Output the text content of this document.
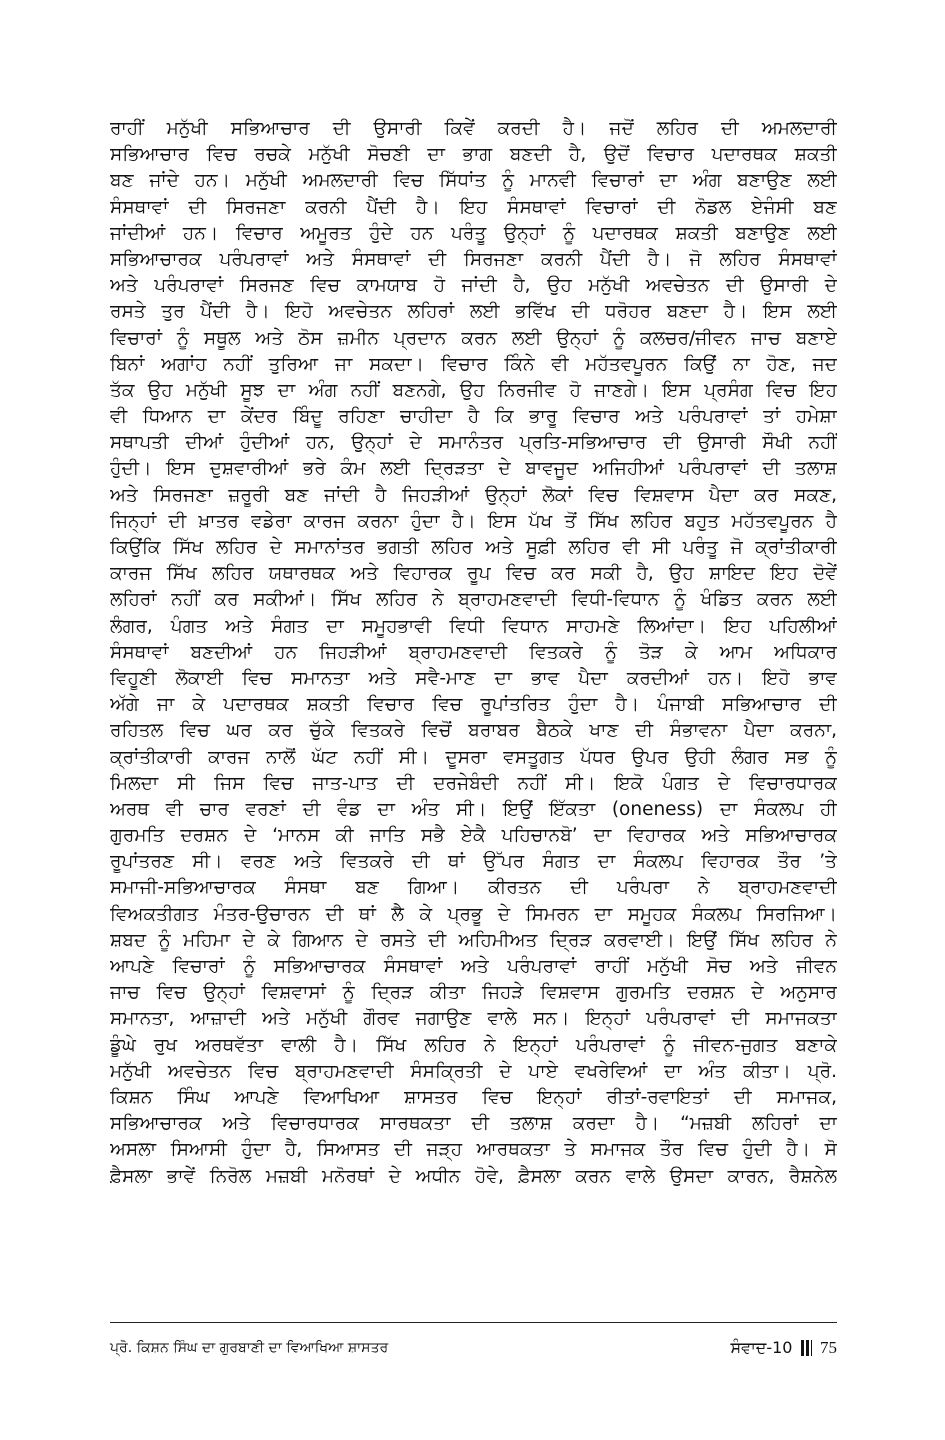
ਰਾਹੀਂ ਮਨੁੱਖੀ ਸਭਿਆਚਾਰ ਦੀ ਉਸਾਰੀ ਕਿਵੇਂ ਕਰਦੀ ਹੈ। ਜਦੋਂ ਲਹਿਰ ਦੀ ਅਮਲਦਾਰੀ
ਸਭਿਆਚਾਰ ਵਿਚ ਰਚਕੇ ਮਨੁੱਖੀ ਸੋਚਣੀ ਦਾ ਭਾਗ ਬਣਦੀ ਹੈ, ਉਦੋਂ ਵਿਚਾਰ ਪਦਾਰਥਕ ਸ਼ਕਤੀ
ਬਣ ਜਾਂਦੇ ਹਨ। ਮਨੁੱਖੀ ਅਮਲਦਾਰੀ ਵਿਚ ਸਿੱਧਾਂਤ ਨੂੰ ਮਾਨਵੀ ਵਿਚਾਰਾਂ ਦਾ ਅੰਗ ਬਣਾਉਣ ਲਈ
ਸੰਸਥਾਵਾਂ ਦੀ ਸਿਰਜਣਾ ਕਰਨੀ ਪੈਂਦੀ ਹੈ। ਇਹ ਸੰਸਥਾਵਾਂ ਵਿਚਾਰਾਂ ਦੀ ਨੋਡਲ ਏਜੰਸੀ ਬਣ
ਜਾਂਦੀਆਂ ਹਨ। ਵਿਚਾਰ ਅਮੂਰਤ ਹੁੰਦੇ ਹਨ ਪਰੰਤੂ ਉਨ੍ਹਾਂ ਨੂੰ ਪਦਾਰਥਕ ਸ਼ਕਤੀ ਬਣਾਉਣ ਲਈ
ਸਭਿਆਚਾਰਕ ਪਰੰਪਰਾਵਾਂ ਅਤੇ ਸੰਸਥਾਵਾਂ ਦੀ ਸਿਰਜਣਾ ਕਰਨੀ ਪੈਂਦੀ ਹੈ। ਜੋ ਲਹਿਰ ਸੰਸਥਾਵਾਂ
ਅਤੇ ਪਰੰਪਰਾਵਾਂ ਸਿਰਜਣ ਵਿਚ ਕਾਮਯਾਬ ਹੋ ਜਾਂਦੀ ਹੈ, ਉਹ ਮਨੁੱਖੀ ਅਵਚੇਤਨ ਦੀ ਉਸਾਰੀ ਦੇ
ਰਸਤੇ ਤੁਰ ਪੈਂਦੀ ਹੈ। ਇਹੋ ਅਵਚੇਤਨ ਲਹਿਰਾਂ ਲਈ ਭਵਿੱਖ ਦੀ ਧਰੋਹਰ ਬਣਦਾ ਹੈ। ਇਸ ਲਈ
ਵਿਚਾਰਾਂ ਨੂੰ ਸਥੂਲ ਅਤੇ ਠੋਸ ਜ਼ਮੀਨ ਪ੍ਰਦਾਨ ਕਰਨ ਲਈ ਉਨ੍ਹਾਂ ਨੂੰ ਕਲਚਰ/ਜੀਵਨ ਜਾਚ ਬਣਾਏ
ਬਿਨਾਂ ਅਗਾਂਹ ਨਹੀਂ ਤੁਰਿਆ ਜਾ ਸਕਦਾ। ਵਿਚਾਰ ਕਿੰਨੇ ਵੀ ਮਹੱਤਵਪੂਰਨ ਕਿਉਂ ਨਾ ਹੋਣ, ਜਦ
ਤੱਕ ਉਹ ਮਨੁੱਖੀ ਸੂਝ ਦਾ ਅੰਗ ਨਹੀਂ ਬਣਨਗੇ, ਉਹ ਨਿਰਜੀਵ ਹੋ ਜਾਣਗੇ। ਇਸ ਪ੍ਰਸੰਗ ਵਿਚ ਇਹ
ਵੀ ਧਿਆਨ ਦਾ ਕੇਂਦਰ ਬਿੰਦੂ ਰਹਿਣਾ ਚਾਹੀਦਾ ਹੈ ਕਿ ਭਾਰੂ ਵਿਚਾਰ ਅਤੇ ਪਰੰਪਰਾਵਾਂ ਤਾਂ ਹਮੇਸ਼ਾ
ਸਥਾਪਤੀ ਦੀਆਂ ਹੁੰਦੀਆਂ ਹਨ, ਉਨ੍ਹਾਂ ਦੇ ਸਮਾਨੰਤਰ ਪ੍ਰਤਿ-ਸਭਿਆਚਾਰ ਦੀ ਉਸਾਰੀ ਸੌਖੀ ਨਹੀਂ
ਹੁੰਦੀ। ਇਸ ਦੁਸ਼ਵਾਰੀਆਂ ਭਰੇ ਕੰਮ ਲਈ ਦ੍ਰਿੜਤਾ ਦੇ ਬਾਵਜੂਦ ਅਜਿਹੀਆਂ ਪਰੰਪਰਾਵਾਂ ਦੀ ਤਲਾਸ਼
ਅਤੇ ਸਿਰਜਣਾ ਜ਼ਰੂਰੀ ਬਣ ਜਾਂਦੀ ਹੈ ਜਿਹੜੀਆਂ ਉਨ੍ਹਾਂ ਲੋਕਾਂ ਵਿਚ ਵਿਸ਼ਵਾਸ ਪੈਦਾ ਕਰ ਸਕਣ,
ਜਿਨ੍ਹਾਂ ਦੀ ਖ਼ਾਤਰ ਵਡੇਰਾ ਕਾਰਜ ਕਰਨਾ ਹੁੰਦਾ ਹੈ। ਇਸ ਪੱਖ ਤੋਂ ਸਿੱਖ ਲਹਿਰ ਬਹੁਤ ਮਹੱਤਵਪੂਰਨ ਹੈ
ਕਿਉਂਕਿ ਸਿੱਖ ਲਹਿਰ ਦੇ ਸਮਾਨਾਂਤਰ ਭਗਤੀ ਲਹਿਰ ਅਤੇ ਸੂਫ਼ੀ ਲਹਿਰ ਵੀ ਸੀ ਪਰੰਤੂ ਜੋ ਕ੍ਰਾਂਤੀਕਾਰੀ
ਕਾਰਜ ਸਿੱਖ ਲਹਿਰ ਯਥਾਰਥਕ ਅਤੇ ਵਿਹਾਰਕ ਰੂਪ ਵਿਚ ਕਰ ਸਕੀ ਹੈ, ਉਹ ਸ਼ਾਇਦ ਇਹ ਦੋਵੇਂ
ਲਹਿਰਾਂ ਨਹੀਂ ਕਰ ਸਕੀਆਂ। ਸਿੱਖ ਲਹਿਰ ਨੇ ਬ੍ਰਾਹਮਣਵਾਦੀ ਵਿਧੀ-ਵਿਧਾਨ ਨੂੰ ਖੰਡਿਤ ਕਰਨ ਲਈ
ਲੰਗਰ, ਪੰਗਤ ਅਤੇ ਸੰਗਤ ਦਾ ਸਮੂਹਭਾਵੀ ਵਿਧੀ ਵਿਧਾਨ ਸਾਹਮਣੇ ਲਿਆਂਦਾ। ਇਹ ਪਹਿਲੀਆਂ
ਸੰਸਥਾਵਾਂ ਬਣਦੀਆਂ ਹਨ ਜਿਹੜੀਆਂ ਬ੍ਰਾਹਮਣਵਾਦੀ ਵਿਤਕਰੇ ਨੂੰ ਤੋੜ ਕੇ ਆਮ ਅਧਿਕਾਰ
ਵਿਹੂਣੀ ਲੋਕਾਈ ਵਿਚ ਸਮਾਨਤਾ ਅਤੇ ਸਵੈ-ਮਾਣ ਦਾ ਭਾਵ ਪੈਦਾ ਕਰਦੀਆਂ ਹਨ। ਇਹੋ ਭਾਵ
ਅੱਗੇ ਜਾ ਕੇ ਪਦਾਰਥਕ ਸ਼ਕਤੀ ਵਿਚਾਰ ਵਿਚ ਰੂਪਾਂਤਰਿਤ ਹੁੰਦਾ ਹੈ। ਪੰਜਾਬੀ ਸਭਿਆਚਾਰ ਦੀ
ਰਹਿਤਲ ਵਿਚ ਘਰ ਕਰ ਚੁੱਕੇ ਵਿਤਕਰੇ ਵਿਚੋਂ ਬਰਾਬਰ ਬੈਠਕੇ ਖਾਣ ਦੀ ਸੰਭਾਵਨਾ ਪੈਦਾ ਕਰਨਾ,
ਕ੍ਰਾਂਤੀਕਾਰੀ ਕਾਰਜ ਨਾਲੋਂ ਘੱਟ ਨਹੀਂ ਸੀ। ਦੂਸਰਾ ਵਸਤੂਗਤ ਪੱਧਰ ਉਪਰ ਉਹੀ ਲੰਗਰ ਸਭ ਨੂੰ
ਮਿਲਦਾ ਸੀ ਜਿਸ ਵਿਚ ਜਾਤ-ਪਾਤ ਦੀ ਦਰਜੇਬੰਦੀ ਨਹੀਂ ਸੀ। ਇਕੋ ਪੰਗਤ ਦੇ ਵਿਚਾਰਧਾਰਕ
ਅਰਥ ਵੀ ਚਾਰ ਵਰਣਾਂ ਦੀ ਵੰਡ ਦਾ ਅੰਤ ਸੀ। ਇਉਂ ਇੱਕਤਾ (oneness) ਦਾ ਸੰਕਲਪ ਹੀ
ਗੁਰਮਤਿ ਦਰਸ਼ਨ ਦੇ ‘ਮਾਨਸ ਕੀ ਜਾਤਿ ਸਭੈ ਏਕੈ ਪਹਿਚਾਨਬੋ’ ਦਾ ਵਿਹਾਰਕ ਅਤੇ ਸਭਿਆਚਾਰਕ
ਰੂਪਾਂਤਰਣ ਸੀ। ਵਰਣ ਅਤੇ ਵਿਤਕਰੇ ਦੀ ਥਾਂ ਉੱਪਰ ਸੰਗਤ ਦਾ ਸੰਕਲਪ ਵਿਹਾਰਕ ਤੌਰ ’ਤੇ
ਸਮਾਜੀ-ਸਭਿਆਚਾਰਕ ਸੰਸਥਾ ਬਣ ਗਿਆ। ਕੀਰਤਨ ਦੀ ਪਰੰਪਰਾ ਨੇ ਬ੍ਰਾਹਮਣਵਾਦੀ
ਵਿਅਕਤੀਗਤ ਮੰਤਰ-ਉਚਾਰਨ ਦੀ ਥਾਂ ਲੈ ਕੇ ਪ੍ਰਭੂ ਦੇ ਸਿਮਰਨ ਦਾ ਸਮੂਹਕ ਸੰਕਲਪ ਸਿਰਜਿਆ।
ਸ਼ਬਦ ਨੂੰ ਮਹਿਮਾ ਦੇ ਕੇ ਗਿਆਨ ਦੇ ਰਸਤੇ ਦੀ ਅਹਿਮੀਅਤ ਦ੍ਰਿੜ ਕਰਵਾਈ। ਇਉਂ ਸਿੱਖ ਲਹਿਰ ਨੇ
ਆਪਣੇ ਵਿਚਾਰਾਂ ਨੂੰ ਸਭਿਆਚਾਰਕ ਸੰਸਥਾਵਾਂ ਅਤੇ ਪਰੰਪਰਾਵਾਂ ਰਾਹੀਂ ਮਨੁੱਖੀ ਸੋਚ ਅਤੇ ਜੀਵਨ
ਜਾਚ ਵਿਚ ਉਨ੍ਹਾਂ ਵਿਸ਼ਵਾਸਾਂ ਨੂੰ ਦ੍ਰਿੜ ਕੀਤਾ ਜਿਹੜੇ ਵਿਸ਼ਵਾਸ ਗੁਰਮਤਿ ਦਰਸ਼ਨ ਦੇ ਅਨੁਸਾਰ
ਸਮਾਨਤਾ, ਆਜ਼ਾਦੀ ਅਤੇ ਮਨੁੱਖੀ ਗੌਰਵ ਜਗਾਉਣ ਵਾਲੇ ਸਨ। ਇਨ੍ਹਾਂ ਪਰੰਪਰਾਵਾਂ ਦੀ ਸਮਾਜਕਤਾ
ਡੂੰਘੇ ਰੁਖ ਅਰਥਵੱਤਾ ਵਾਲੀ ਹੈ। ਸਿੱਖ ਲਹਿਰ ਨੇ ਇਨ੍ਹਾਂ ਪਰੰਪਰਾਵਾਂ ਨੂੰ ਜੀਵਨ-ਜੁਗਤ ਬਣਾਕੇ
ਮਨੁੱਖੀ ਅਵਚੇਤਨ ਵਿਚ ਬ੍ਰਾਹਮਣਵਾਦੀ ਸੰਸਕ੍ਰਿਤੀ ਦੇ ਪਾਏ ਵਖਰੇਵਿਆਂ ਦਾ ਅੰਤ ਕੀਤਾ। ਪ੍ਰੋ.
ਕਿਸ਼ਨ ਸਿੰਘ ਆਪਣੇ ਵਿਆਖਿਆ ਸ਼ਾਸਤਰ ਵਿਚ ਇਨ੍ਹਾਂ ਰੀਤਾਂ-ਰਵਾਇਤਾਂ ਦੀ ਸਮਾਜਕ,
ਸਭਿਆਚਾਰਕ ਅਤੇ ਵਿਚਾਰਧਾਰਕ ਸਾਰਥਕਤਾ ਦੀ ਤਲਾਸ਼ ਕਰਦਾ ਹੈ। “ਮਜ਼ਬੀ ਲਹਿਰਾਂ ਦਾ
ਅਸਲਾ ਸਿਆਸੀ ਹੁੰਦਾ ਹੈ, ਸਿਆਸਤ ਦੀ ਜੜ੍ਹ ਆਰਥਕਤਾ ਤੇ ਸਮਾਜਕ ਤੌਰ ਵਿਚ ਹੁੰਦੀ ਹੈ। ਸੋ
ਫ਼ੈਸਲਾ ਭਾਵੇਂ ਨਿਰੋਲ ਮਜ਼ਬੀ ਮਨੋਰਥਾਂ ਦੇ ਅਧੀਨ ਹੋਵੇ, ਫ਼ੈਸਲਾ ਕਰਨ ਵਾਲੇ ਉਸਦਾ ਕਾਰਨ, ਰੈਸ਼ਨੇਲ
ਪ੍ਰੋ. ਕਿਸ਼ਨ ਸਿੰਘ ਦਾ ਗੁਰਬਾਣੀ ਦਾ ਵਿਆਖਿਆ ਸ਼ਾਸਤਰ	ਸੰਵਾਦ-10 75
